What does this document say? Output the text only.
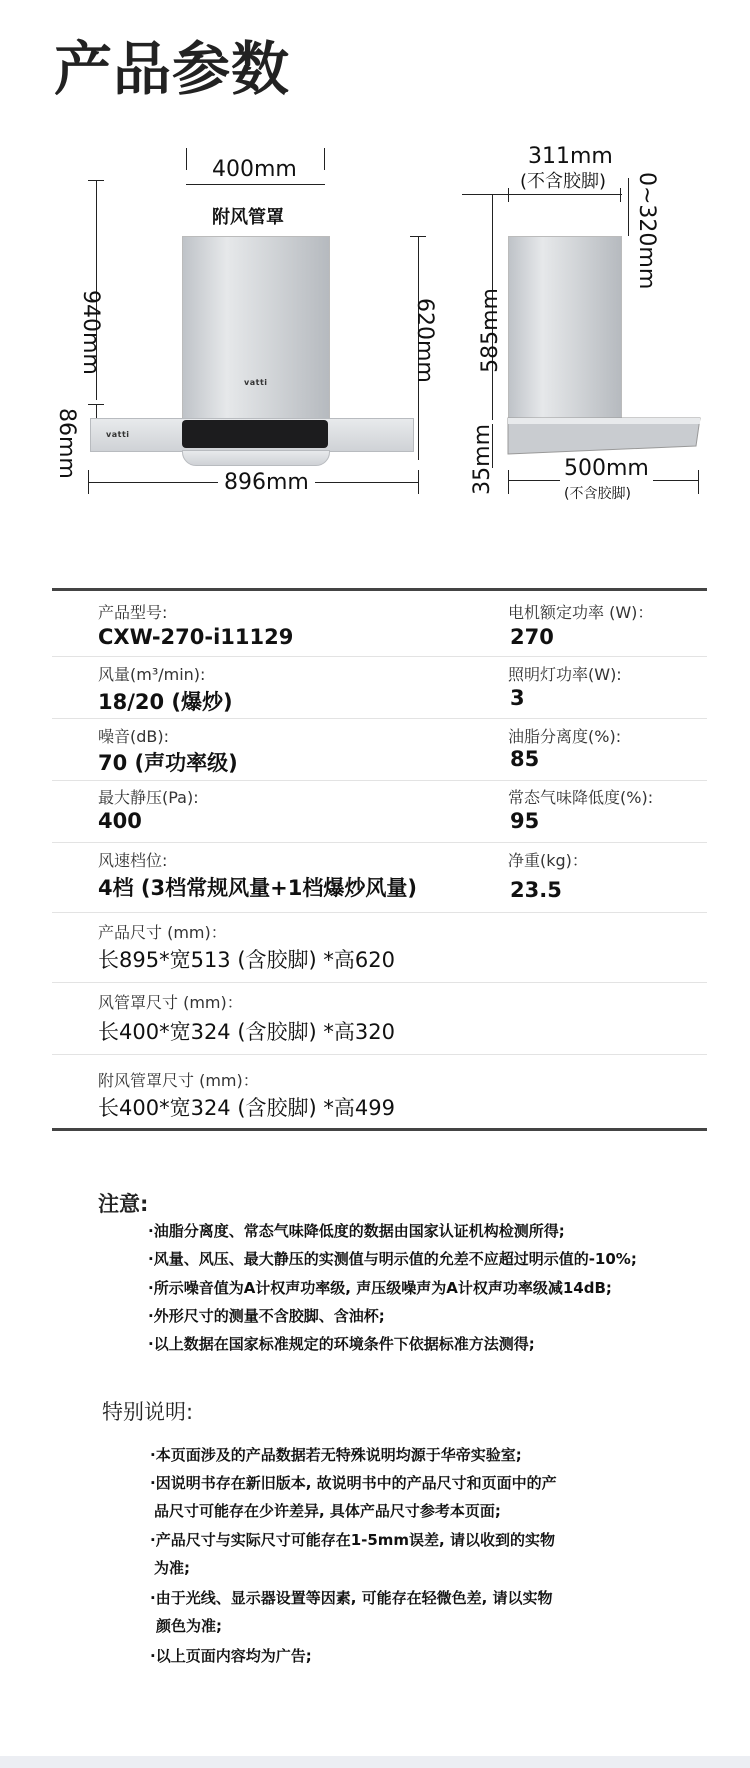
产品参数
400mm
附风管罩
940mm
86mm
620mm
vatti
vatti
896mm
311mm
(不含胶脚) 0~320mm
585mm
35mm	500mm
(不含胶脚)
产品型号:
CXW-270-i11129
电机额定功率 (W)：
270
风量(m³/min):
18/20 (爆炒)
照明灯功率(W):
3
噪音(dB):
70 (声功率级)
油脂分离度(%):
85
最大静压(Pa):
400
常态气味降低度(%):
95
风速档位:
4档 (3档常规风量+1档爆炒风量)
净重(kg)：
23.5
产品尺寸 (mm)：
长895*宽513 (含胶脚) *高620
风管罩尺寸 (mm)：
长400*宽324 (含胶脚) *高320
附风管罩尺寸 (mm)：
长400*宽324 (含胶脚) *高499
注意:
·油脂分离度、常态气味降低度的数据由国家认证机构检测所得;
·风量、风压、最大静压的实测值与明示值的允差不应超过明示值的-10%;
·所示噪音值为A计权声功率级, 声压级噪声为A计权声功率级减14dB;
·外形尺寸的测量不含胶脚、含油杯;
·以上数据在国家标准规定的环境条件下依据标准方法测得;
特别说明:
·本页面涉及的产品数据若无特殊说明均源于华帝实验室;
·因说明书存在新旧版本, 故说明书中的产品尺寸和页面中的产
品尺寸可能存在少许差异, 具体产品尺寸参考本页面;
·产品尺寸与实际尺寸可能存在1-5mm误差, 请以收到的实物
为准;
·由于光线、显示器设置等因素, 可能存在轻微色差, 请以实物
颜色为准;
·以上页面内容均为广告;
